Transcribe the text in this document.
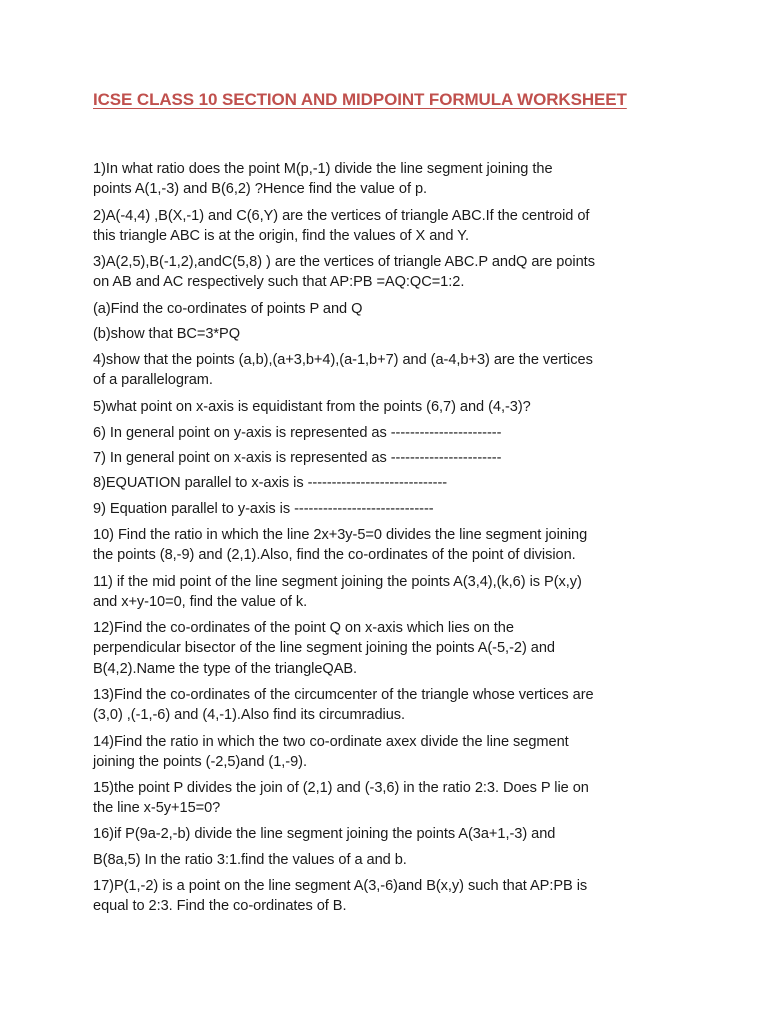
ICSE CLASS 10 SECTION AND MIDPOINT FORMULA WORKSHEET
1)In what ratio does the point M(p,-1) divide the line segment joining the
points A(1,-3) and B(6,2) ?Hence find the value of p.
2)A(-4,4) ,B(X,-1) and C(6,Y) are the vertices of triangle ABC.If the centroid of
this triangle ABC is at the origin, find the values of X and Y.
3)A(2,5),B(-1,2),andC(5,8) ) are the vertices of triangle ABC.P andQ are points
on AB and AC respectively such that AP:PB =AQ:QC=1:2.
(a)Find the co-ordinates of points P and Q
(b)show that BC=3*PQ
4)show that the points (a,b),(a+3,b+4),(a-1,b+7) and (a-4,b+3) are the vertices
of a parallelogram.
5)what point on x-axis is equidistant from the points (6,7) and (4,-3)?
6) In general point on y-axis is represented as -----------------------
7) In general point on x-axis is represented as -----------------------
8)EQUATION parallel to x-axis is -----------------------------
9) Equation parallel to y-axis is -----------------------------
10) Find the ratio in which the line 2x+3y-5=0 divides the line segment joining
the points (8,-9) and (2,1).Also, find the co-ordinates of the point of division.
11) if the mid point of the line segment joining the points A(3,4),(k,6) is P(x,y)
and x+y-10=0, find the value of k.
12)Find the co-ordinates of the point Q on x-axis which lies on the
perpendicular bisector of the line segment joining the points A(-5,-2) and
B(4,2).Name the type of the triangleQAB.
13)Find the co-ordinates of the circumcenter of the triangle whose vertices are
(3,0) ,(-1,-6) and (4,-1).Also find its circumradius.
14)Find the ratio in which the two co-ordinate axex divide the line segment
joining the points (-2,5)and (1,-9).
15)the point P divides the join of (2,1) and (-3,6) in the ratio 2:3. Does P lie on
the line x-5y+15=0?
16)if P(9a-2,-b) divide the line segment joining the points A(3a+1,-3) and
B(8a,5) In the ratio 3:1.find the values of a and b.
17)P(1,-2) is a point on the line segment A(3,-6)and B(x,y) such that AP:PB is
equal to 2:3. Find the co-ordinates of B.
